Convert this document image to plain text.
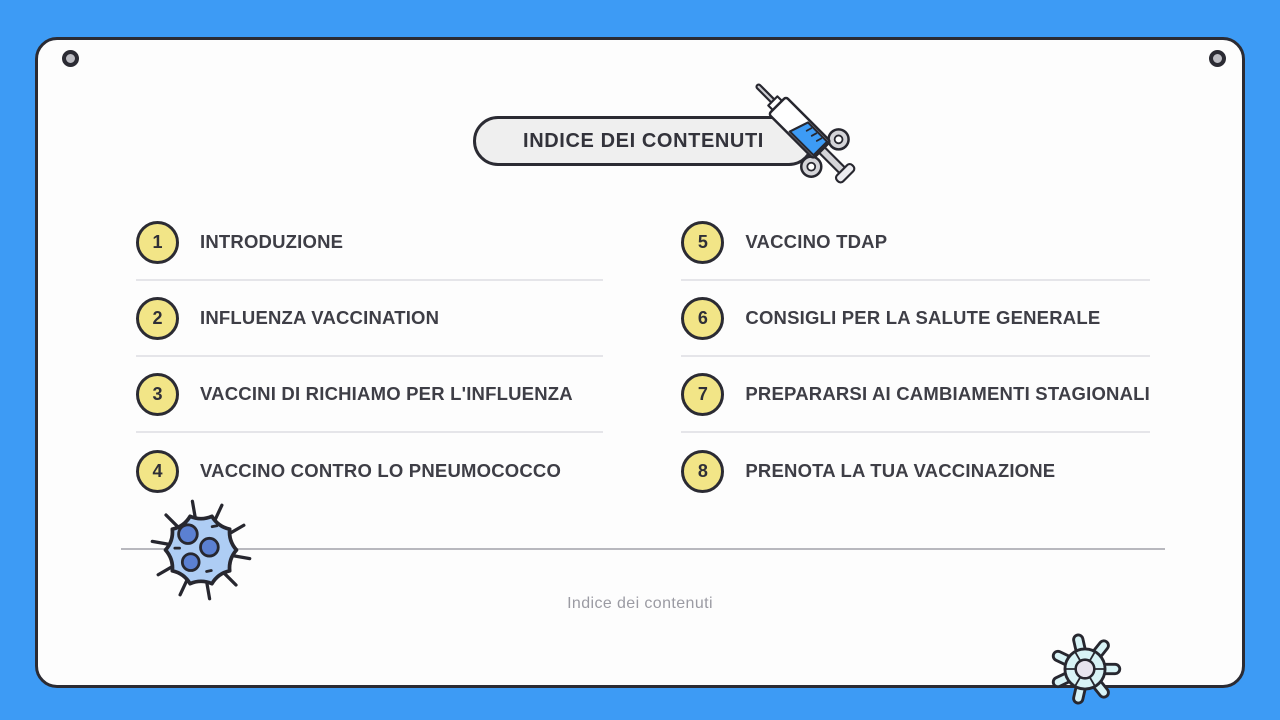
INDICE DEI CONTENUTI
1 INTRODUZIONE
2 INFLUENZA VACCINATION
3 VACCINI DI RICHIAMO PER L'INFLUENZA
4 VACCINO CONTRO LO PNEUMOCOCCO
5 VACCINO TDAP
6 CONSIGLI PER LA SALUTE GENERALE
7 PREPARARSI AI CAMBIAMENTI STAGIONALI
8 PRENOTA LA TUA VACCINAZIONE
Indice dei contenuti
